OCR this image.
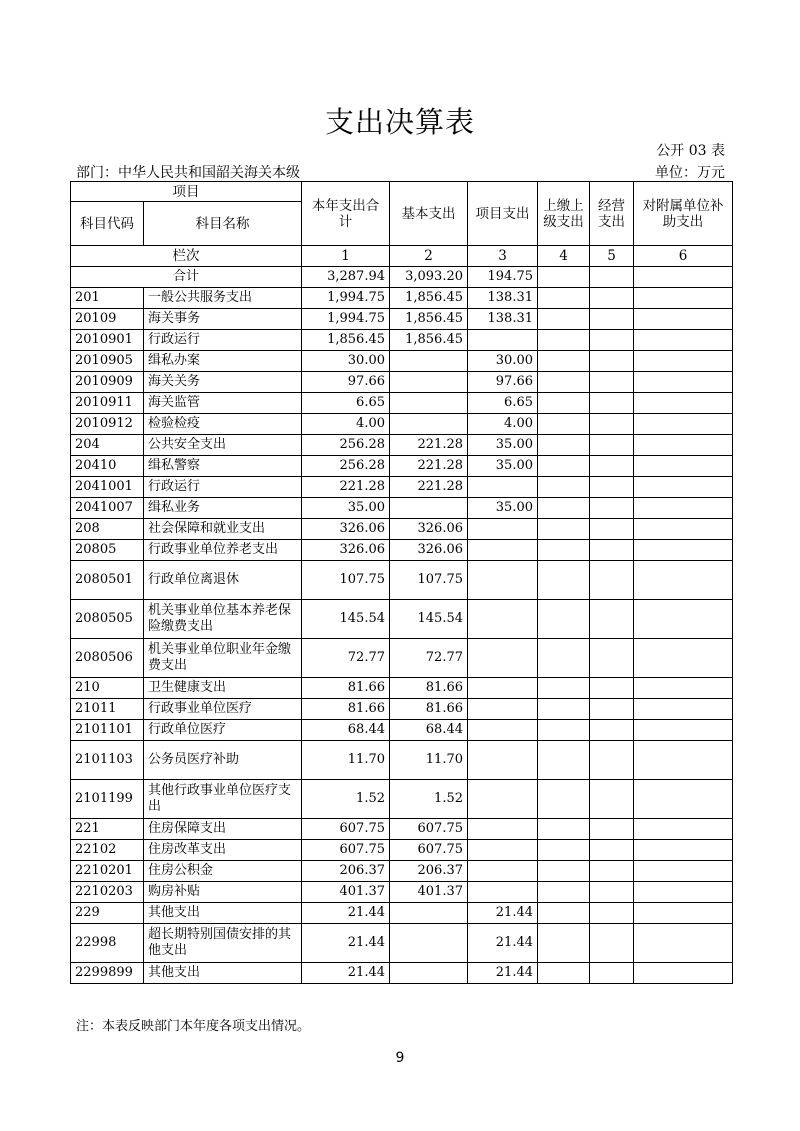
支出决算表
公开 03 表
部门：中华人民共和国韶关海关本级	单位：万元
项目		本年支出合计	基本支出	项目支出	上缴上级支出	经营支出	对附属单位补助支出
科目代码	科目名称						
栏次		1	2	3	4	5	6
合计		3,287.94	3,093.20	194.75			
201	一般公共服务支出	1,994.75	1,856.45	138.31			
20109	海关事务	1,994.75	1,856.45	138.31			
2010901	行政运行	1,856.45	1,856.45				
2010905	缉私办案	30.00		30.00			
2010909	海关关务	97.66		97.66			
2010911	海关监管	6.65		6.65			
2010912	检验检疫	4.00		4.00			
204	公共安全支出	256.28	221.28	35.00			
20410	缉私警察	256.28	221.28	35.00			
2041001	行政运行	221.28	221.28				
2041007	缉私业务	35.00		35.00			
208	社会保障和就业支出	326.06	326.06				
20805	行政事业单位养老支出	326.06	326.06				
2080501	行政单位离退休	107.75	107.75				
2080505	机关事业单位基本养老保险缴费支出	145.54	145.54				
2080506	机关事业单位职业年金缴费支出	72.77	72.77				
210	卫生健康支出	81.66	81.66				
21011	行政事业单位医疗	81.66	81.66				
2101101	行政单位医疗	68.44	68.44				
2101103	公务员医疗补助	11.70	11.70				
2101199	其他行政事业单位医疗支出	1.52	1.52				
221	住房保障支出	607.75	607.75				
22102	住房改革支出	607.75	607.75				
2210201	住房公积金	206.37	206.37				
2210203	购房补贴	401.37	401.37				
229	其他支出	21.44		21.44			
22998	超长期特别国债安排的其他支出	21.44		21.44			
2299899	其他支出	21.44		21.44			
注：本表反映部门本年度各项支出情况。
9
